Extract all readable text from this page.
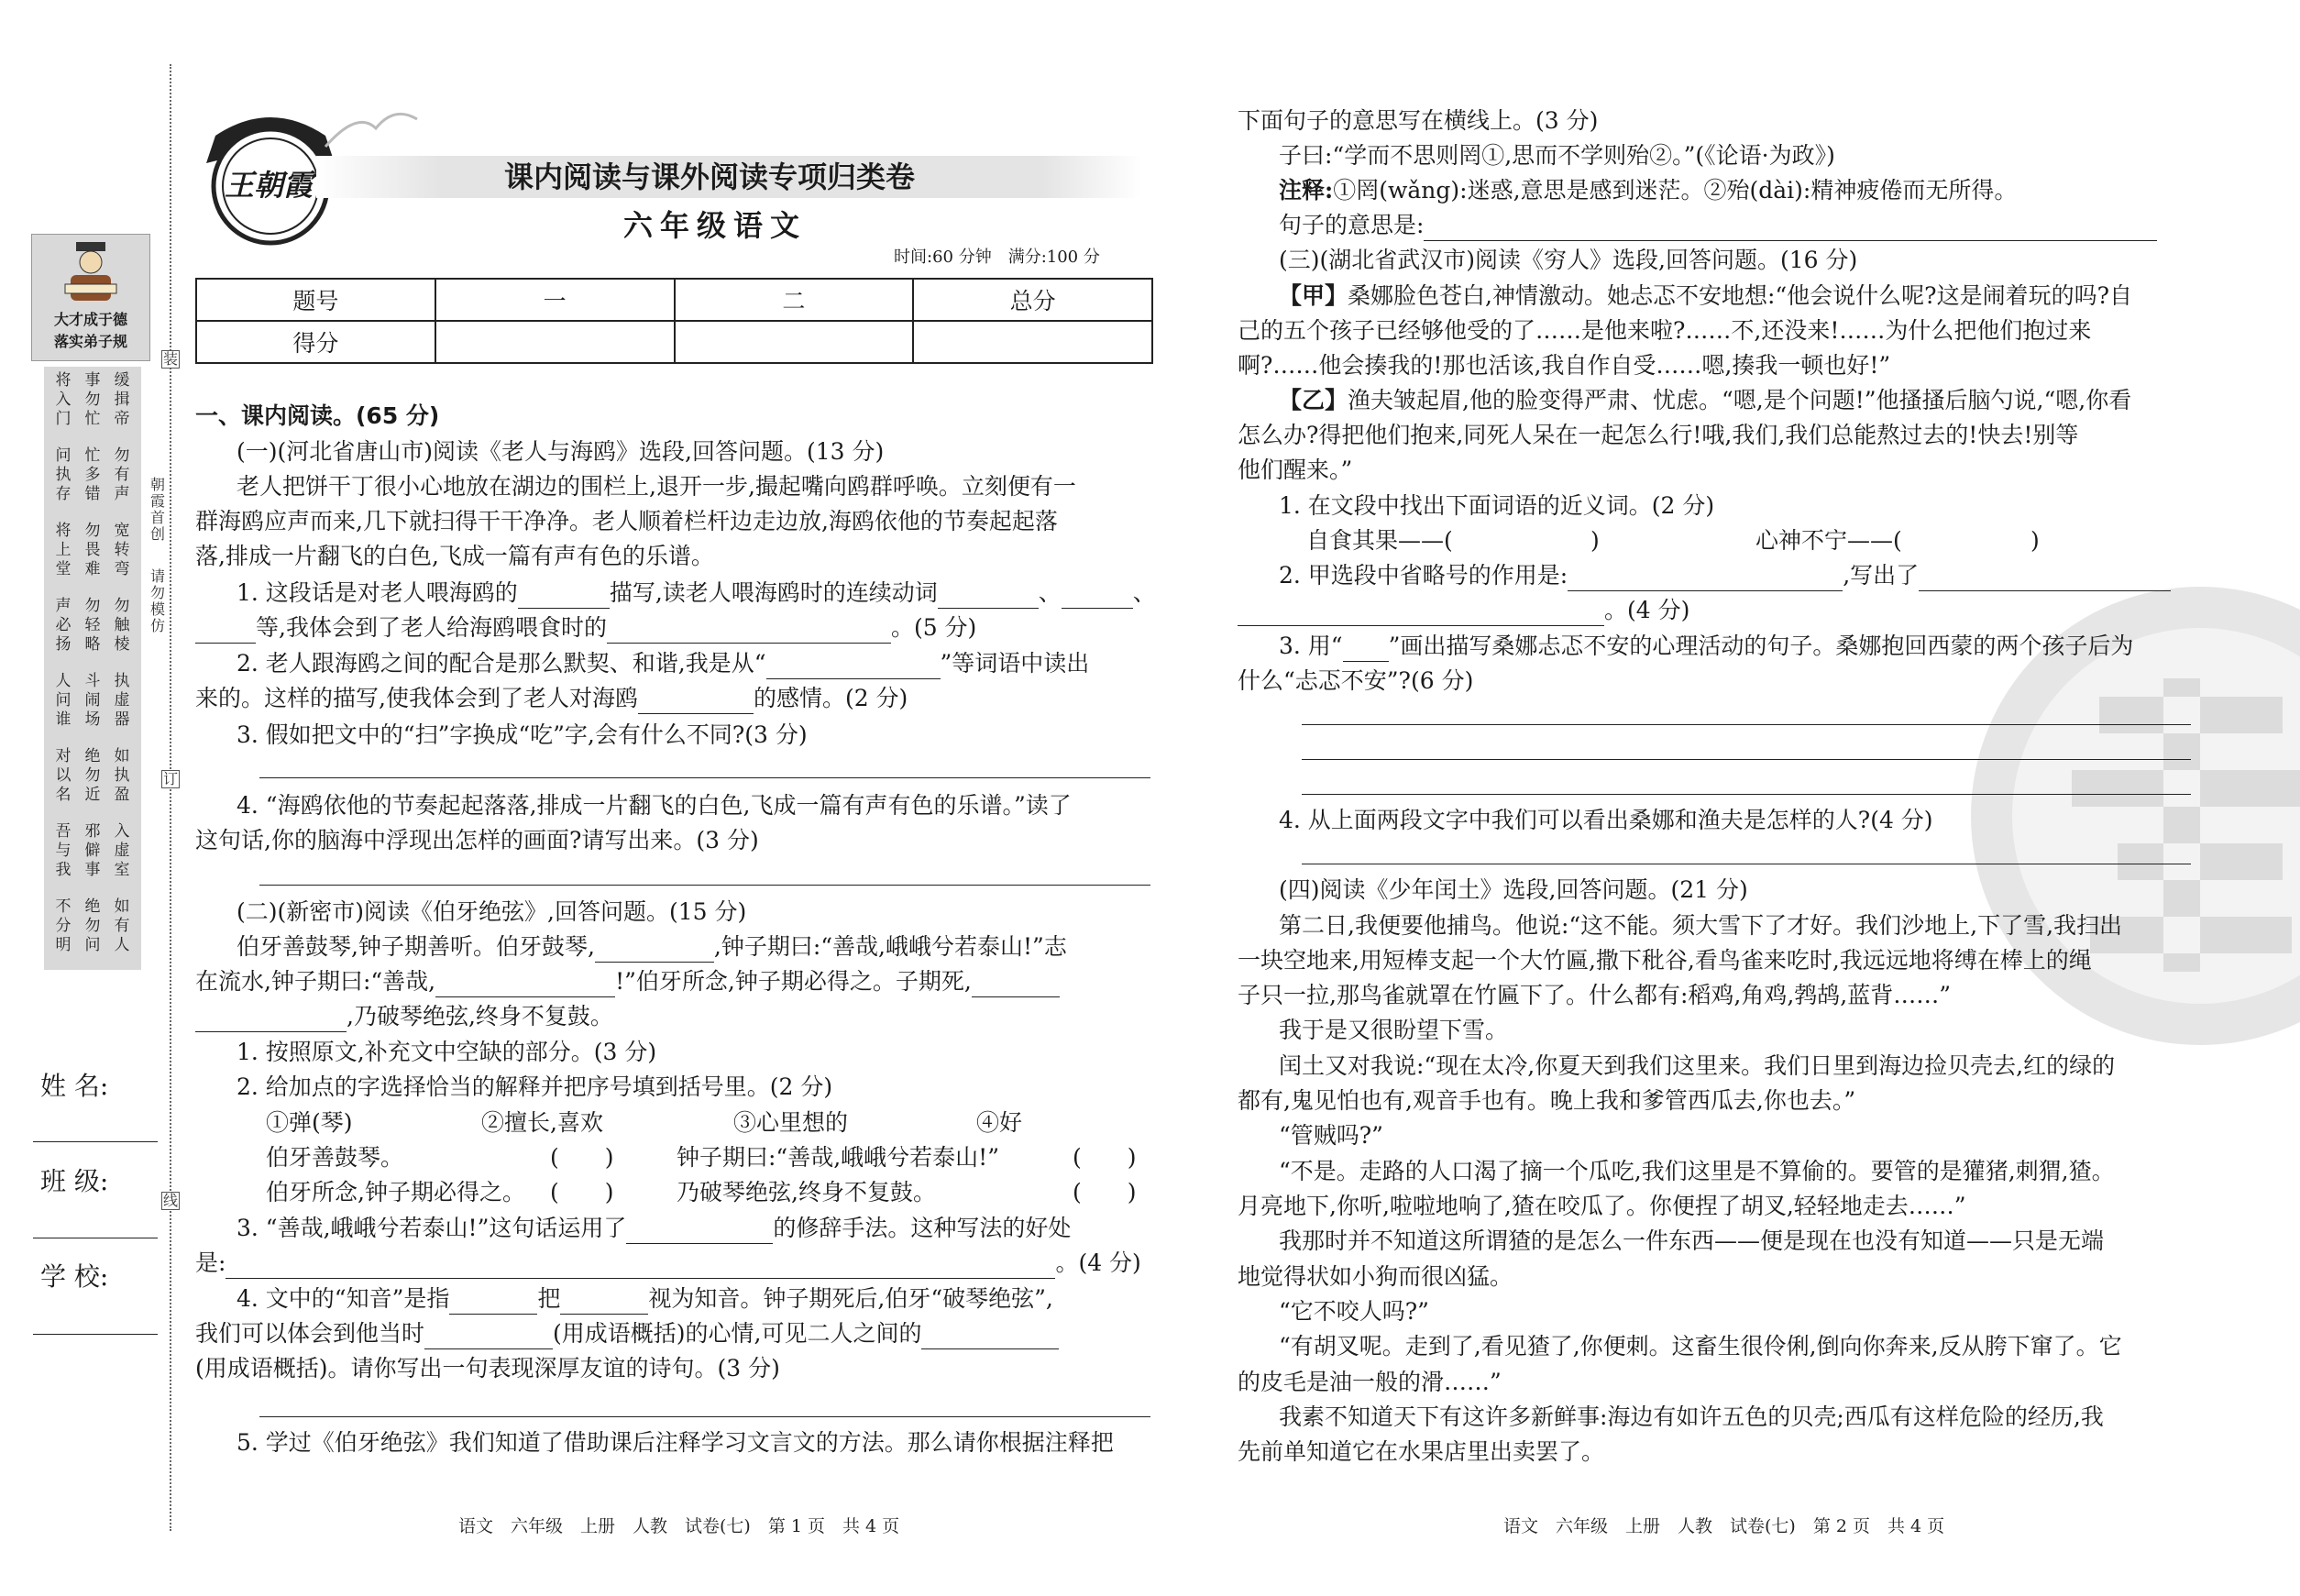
大才成于德
落实弟子规
将入门
事勿忙
缓揖帝
问执存
忙多错
勿有声
将上堂
勿畏难
宽转弯
声必扬
勿轻略
勿触棱
人问谁
斗闹场
执虚器
对以名
绝勿近
如执盈
吾与我
邪僻事
入虚室
不分明
绝勿问
如有人
姓 名:
班 级:
学 校:
装
订
线
朝霞首创
请勿模仿
王朝霞	课内阅读与课外阅读专项归类卷
六年级语文
时间:60 分钟　满分:100 分
题号	一	二	总分
得分			
一、课内阅读。(65 分)
(一)(河北省唐山市)阅读《老人与海鸥》选段,回答问题。(13 分)
老人把饼干丁很小心地放在湖边的围栏上,退开一步,撮起嘴向鸥群呼唤。立刻便有一
群海鸥应声而来,几下就扫得干干净净。老人顺着栏杆边走边放,海鸥依他的节奏起起落
落,排成一片翻飞的白色,飞成一篇有声有色的乐谱。
1. 这段话是对老人喂海鸥的	描写,读老人喂海鸥时的连续动词	、	、
等,我体会到了老人给海鸥喂食时的	。(5 分)
2. 老人跟海鸥之间的配合是那么默契、和谐,我是从“	”等词语中读出
来的。这样的描写,使我体会到了老人对海鸥	的感情。(2 分)
3. 假如把文中的“扫”字换成“吃”字,会有什么不同?(3 分)
4. “海鸥依他的节奏起起落落,排成一片翻飞的白色,飞成一篇有声有色的乐谱。”读了
这句话,你的脑海中浮现出怎样的画面?请写出来。(3 分)
(二)(新密市)阅读《伯牙绝弦》,回答问题。(15 分)
伯牙善鼓琴,钟子期善听。伯牙鼓琴,	,钟子期曰:“善哉,峨峨兮若泰山!”志
在流水,钟子期曰:“善哉,	!”伯牙所念,钟子期必得之。子期死,
,乃破琴绝弦,终身不复鼓。
1. 按照原文,补充文中空缺的部分。(3 分)
2. 给加点的字选择恰当的解释并把序号填到括号里。(2 分)
①弹(琴)	②擅长,喜欢	③心里想的	④好
伯牙善鼓琴。	(　　)	钟子期曰:“善哉,峨峨兮若泰山!”	(　　)
伯牙所念,钟子期必得之。 (　　)	乃破琴绝弦,终身不复鼓。	(　　)
3. “善哉,峨峨兮若泰山!”这句话运用了	的修辞手法。这种写法的好处
是:	。(4 分)
4. 文中的“知音”是指	把	视为知音。钟子期死后,伯牙“破琴绝弦”,
我们可以体会到他当时	(用成语概括)的心情,可见二人之间的
(用成语概括)。请你写出一句表现深厚友谊的诗句。(3 分)
5. 学过《伯牙绝弦》我们知道了借助课后注释学习文言文的方法。那么请你根据注释把
语文　六年级　上册　人教　试卷(七)　第 1 页　共 4 页
下面句子的意思写在横线上。(3 分)
子曰:“学而不思则罔①,思而不学则殆②。”(《论语·为政》)
注释:①罔(wǎng):迷惑,意思是感到迷茫。②殆(dài):精神疲倦而无所得。
句子的意思是:
(三)(湖北省武汉市)阅读《穷人》选段,回答问题。(16 分)
【甲】桑娜脸色苍白,神情激动。她忐忑不安地想:“他会说什么呢?这是闹着玩的吗?自
己的五个孩子已经够他受的了……是他来啦?……不,还没来!……为什么把他们抱过来
啊?……他会揍我的!那也活该,我自作自受……嗯,揍我一顿也好!”
【乙】渔夫皱起眉,他的脸变得严肃、忧虑。“嗯,是个问题!”他搔搔后脑勺说,“嗯,你看
怎么办?得把他们抱来,同死人呆在一起怎么行!哦,我们,我们总能熬过去的!快去!别等
他们醒来。”
1. 在文段中找出下面词语的近义词。(2 分)
自食其果——(	)	心神不宁——(	)
2. 甲选段中省略号的作用是:	,写出了
。(4 分)
3. 用“ ”画出描写桑娜忐忑不安的心理活动的句子。桑娜抱回西蒙的两个孩子后为
什么“忐忑不安”?(6 分)
4. 从上面两段文字中我们可以看出桑娜和渔夫是怎样的人?(4 分)
(四)阅读《少年闰土》选段,回答问题。(21 分)
第二日,我便要他捕鸟。他说:“这不能。须大雪下了才好。我们沙地上,下了雪,我扫出
一块空地来,用短棒支起一个大竹匾,撒下秕谷,看鸟雀来吃时,我远远地将缚在棒上的绳
子只一拉,那鸟雀就罩在竹匾下了。什么都有:稻鸡,角鸡,鹁鸪,蓝背……”
我于是又很盼望下雪。
闰土又对我说:“现在太冷,你夏天到我们这里来。我们日里到海边捡贝壳去,红的绿的
都有,鬼见怕也有,观音手也有。晚上我和爹管西瓜去,你也去。”
“管贼吗?”
“不是。走路的人口渴了摘一个瓜吃,我们这里是不算偷的。要管的是獾猪,刺猬,猹。
月亮地下,你听,啦啦地响了,猹在咬瓜了。你便捏了胡叉,轻轻地走去……”
我那时并不知道这所谓猹的是怎么一件东西——便是现在也没有知道——只是无端
地觉得状如小狗而很凶猛。
“它不咬人吗?”
“有胡叉呢。走到了,看见猹了,你便刺。这畜生很伶俐,倒向你奔来,反从胯下窜了。它
的皮毛是油一般的滑……”
我素不知道天下有这许多新鲜事:海边有如许五色的贝壳;西瓜有这样危险的经历,我
先前单知道它在水果店里出卖罢了。
语文　六年级　上册　人教　试卷(七)　第 2 页　共 4 页
